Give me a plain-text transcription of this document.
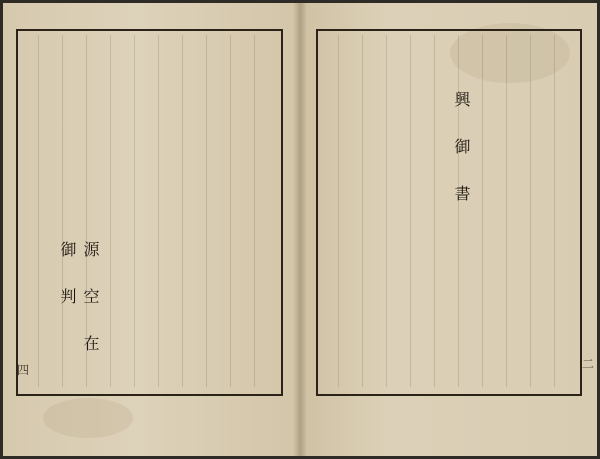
源 空 在 御 判
四
興 御 書
二
